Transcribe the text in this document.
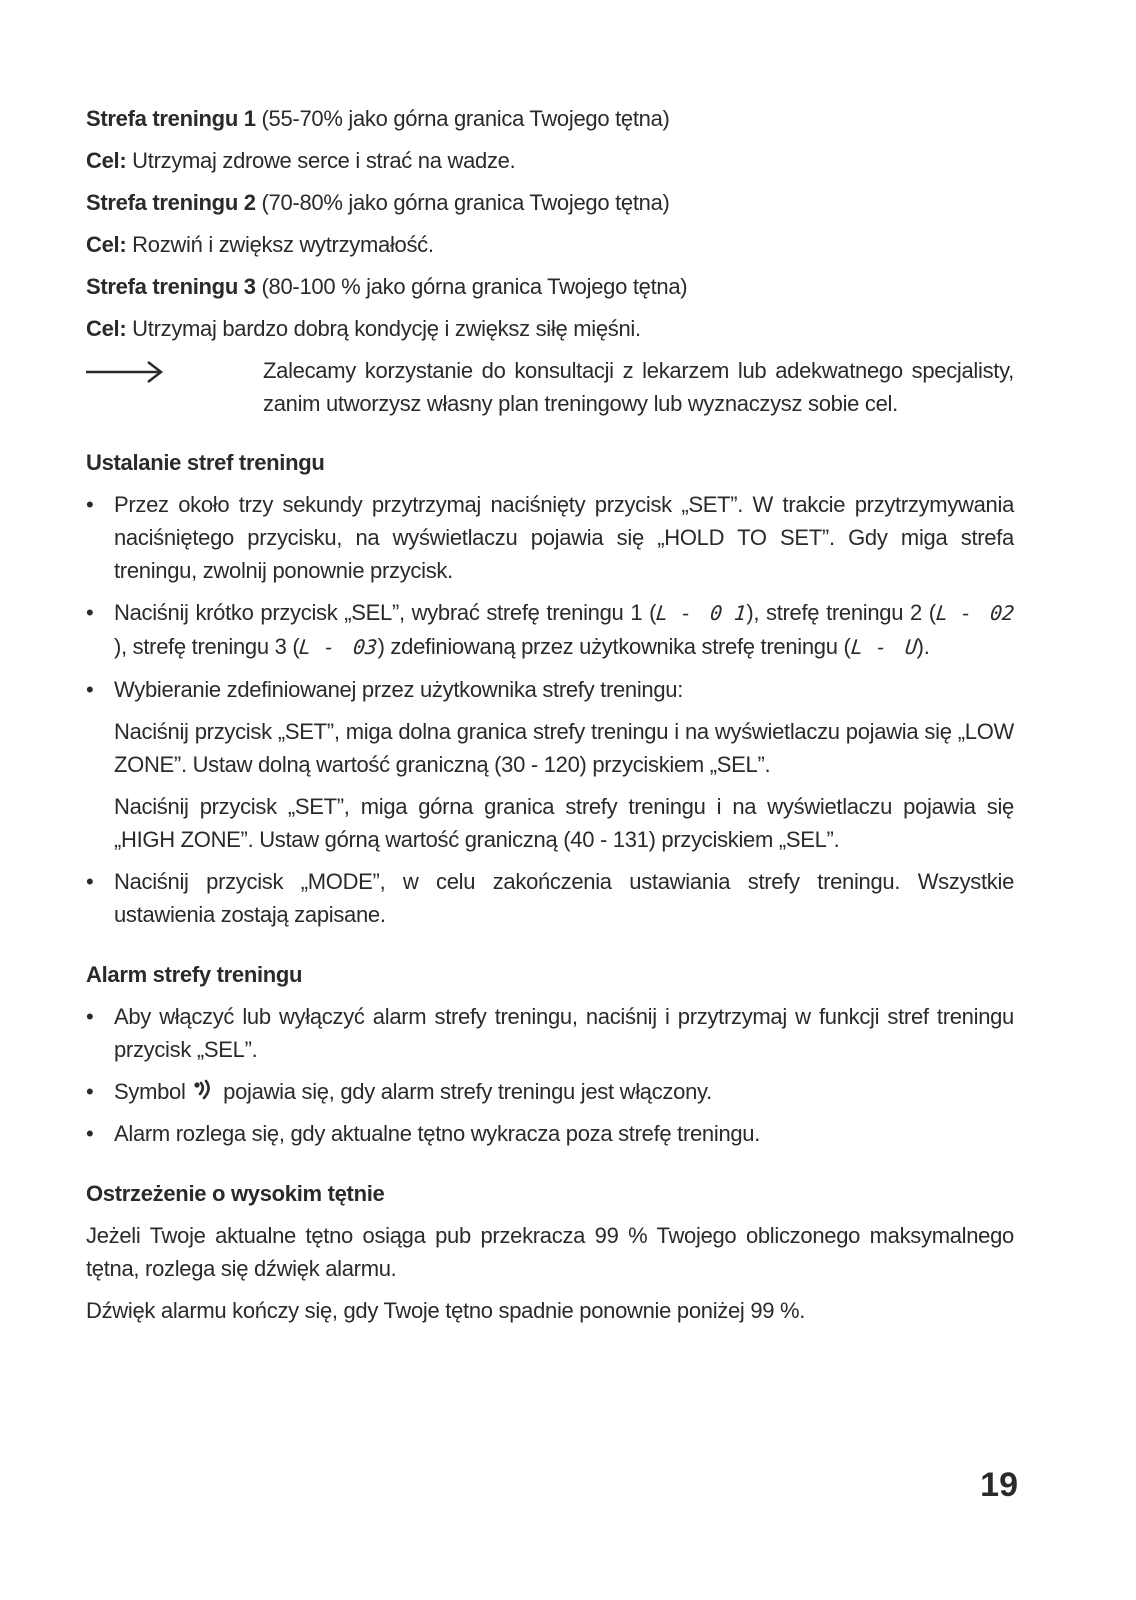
Strefa treningu 1 (55-70% jako górna granica Twojego tętna)
Cel: Utrzymaj zdrowe serce i strać na wadze.
Strefa treningu 2 (70-80% jako górna granica Twojego tętna)
Cel: Rozwiń i zwiększ wytrzymałość.
Strefa treningu 3 (80-100 % jako górna granica Twojego tętna)
Cel: Utrzymaj bardzo dobrą kondycję i zwiększ siłę mięśni.
Zalecamy korzystanie do konsultacji z lekarzem lub adekwatnego specjalisty, zanim utworzysz własny plan treningowy lub wyznaczysz sobie cel.
Ustalanie stref treningu
• Przez około trzy sekundy przytrzymaj naciśnięty przycisk „SET”. W trakcie przytrzymywania naciśniętego przycisku, na wyświetlaczu pojawia się „HOLD TO SET”. Gdy miga strefa treningu, zwolnij ponownie przycisk.
• Naciśnij krótko przycisk „SEL”, wybrać strefę treningu 1 (L - 0 1), strefę treningu 2 (L - 02), strefę treningu 3 (L - 03) zdefiniowaną przez użytkownika strefę treningu (L - U).
• Wybieranie zdefiniowanej przez użytkownika strefy treningu:
Naciśnij przycisk „SET”, miga dolna granica strefy treningu i na wyświetlaczu pojawia się „LOW ZONE”. Ustaw dolną wartość graniczną (30 - 120) przyciskiem „SEL”.
Naciśnij przycisk „SET”, miga górna granica strefy treningu i na wyświetlaczu pojawia się „HIGH ZONE”. Ustaw górną wartość graniczną (40 - 131) przyciskiem „SEL”.
• Naciśnij przycisk „MODE”, w celu zakończenia ustawiania strefy treningu. Wszystkie ustawienia zostają zapisane.
Alarm strefy treningu
• Aby włączyć lub wyłączyć alarm strefy treningu, naciśnij i przytrzymaj w funkcji stref treningu przycisk „SEL”.
• Symbol  pojawia się, gdy alarm strefy treningu jest włączony.
• Alarm rozlega się, gdy aktualne tętno wykracza poza strefę treningu.
Ostrzeżenie o wysokim tętnie
Jeżeli Twoje aktualne tętno osiąga pub przekracza 99 % Twojego obliczonego maksymalnego tętna, rozlega się dźwięk alarmu.
Dźwięk alarmu kończy się, gdy Twoje tętno spadnie ponownie poniżej 99 %.
19
